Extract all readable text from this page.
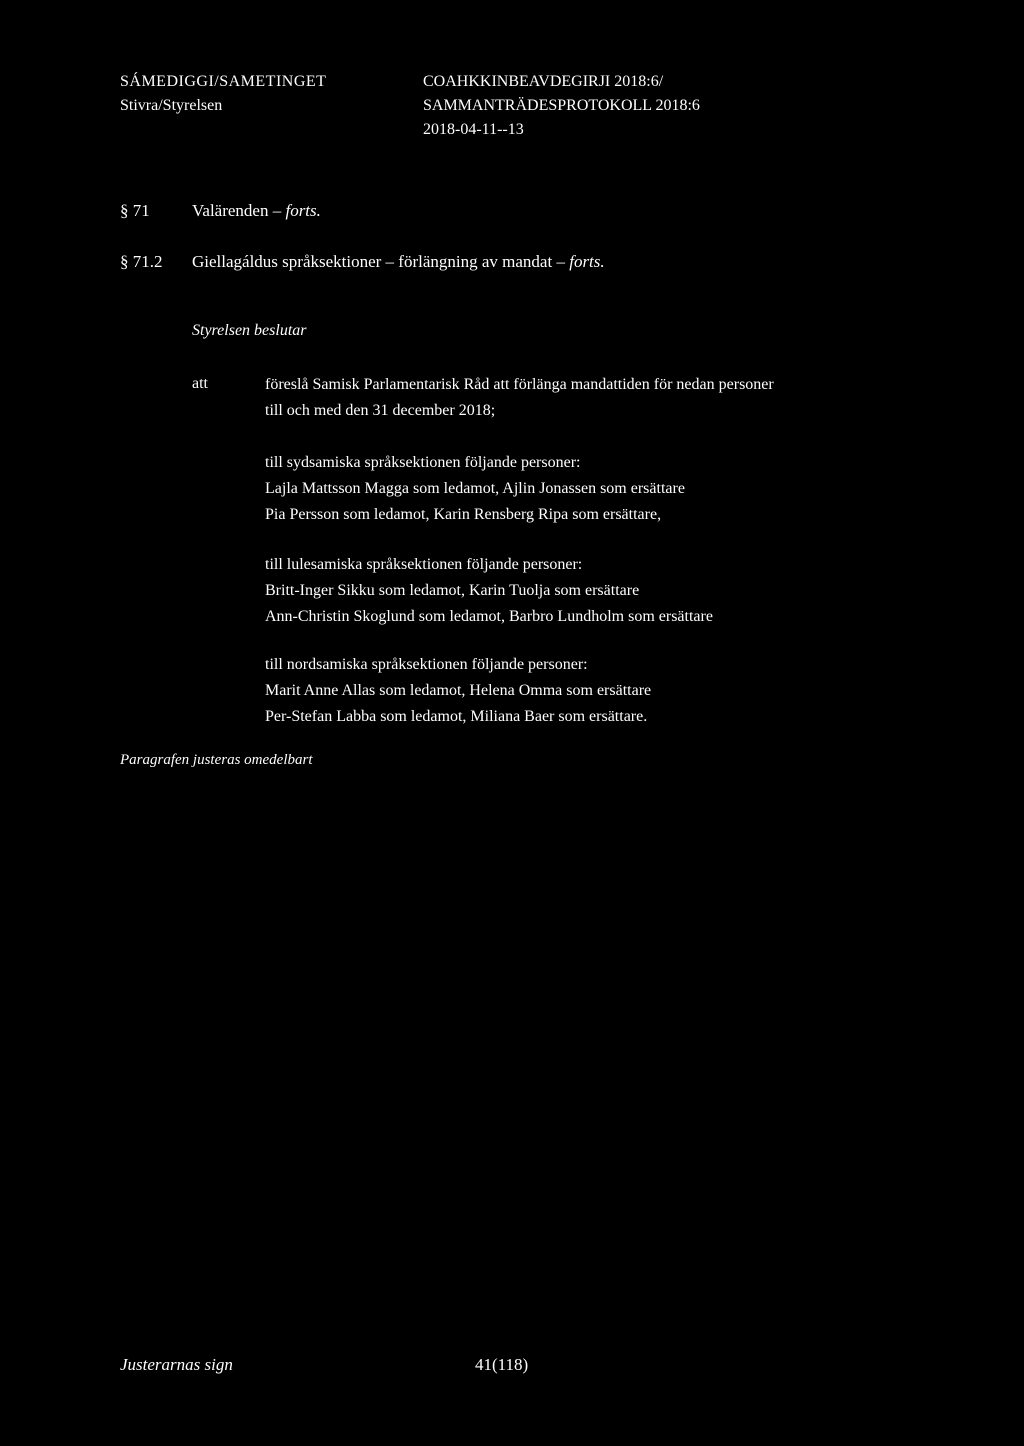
SÁMEDIGGI/SAMETINGET
Stivra/Styrelsen
COAHKKINBEAVDEGIRJI 2018:6/
SAMMANTRÄDESPROTOKOLL 2018:6
2018-04-11--13
§ 71 Valärenden – forts.
§ 71.2 Giellagáldus språksektioner – förlängning av mandat – forts.
Styrelsen beslutar
att	föreslå Samisk Parlamentarisk Råd att förlänga mandattiden för nedan personer

till och med den 31 december 2018;

till sydsamiska språksektionen följande personer:

Lajla Mattsson Magga som ledamot, Ajlin Jonassen som ersättare

Pia Persson som ledamot, Karin Rensberg Ripa som ersättare,

till lulesamiska språksektionen följande personer:

Britt-Inger Sikku som ledamot, Karin Tuolja som ersättare

Ann-Christin Skoglund som ledamot, Barbro Lundholm som ersättare

till nordsamiska språksektionen följande personer:

Marit Anne Allas som ledamot, Helena Omma som ersättare

Per-Stefan Labba som ledamot, Miliana Baer som ersättare.

Paragrafen justeras omedelbart
Justerarnas sign	41(118)
